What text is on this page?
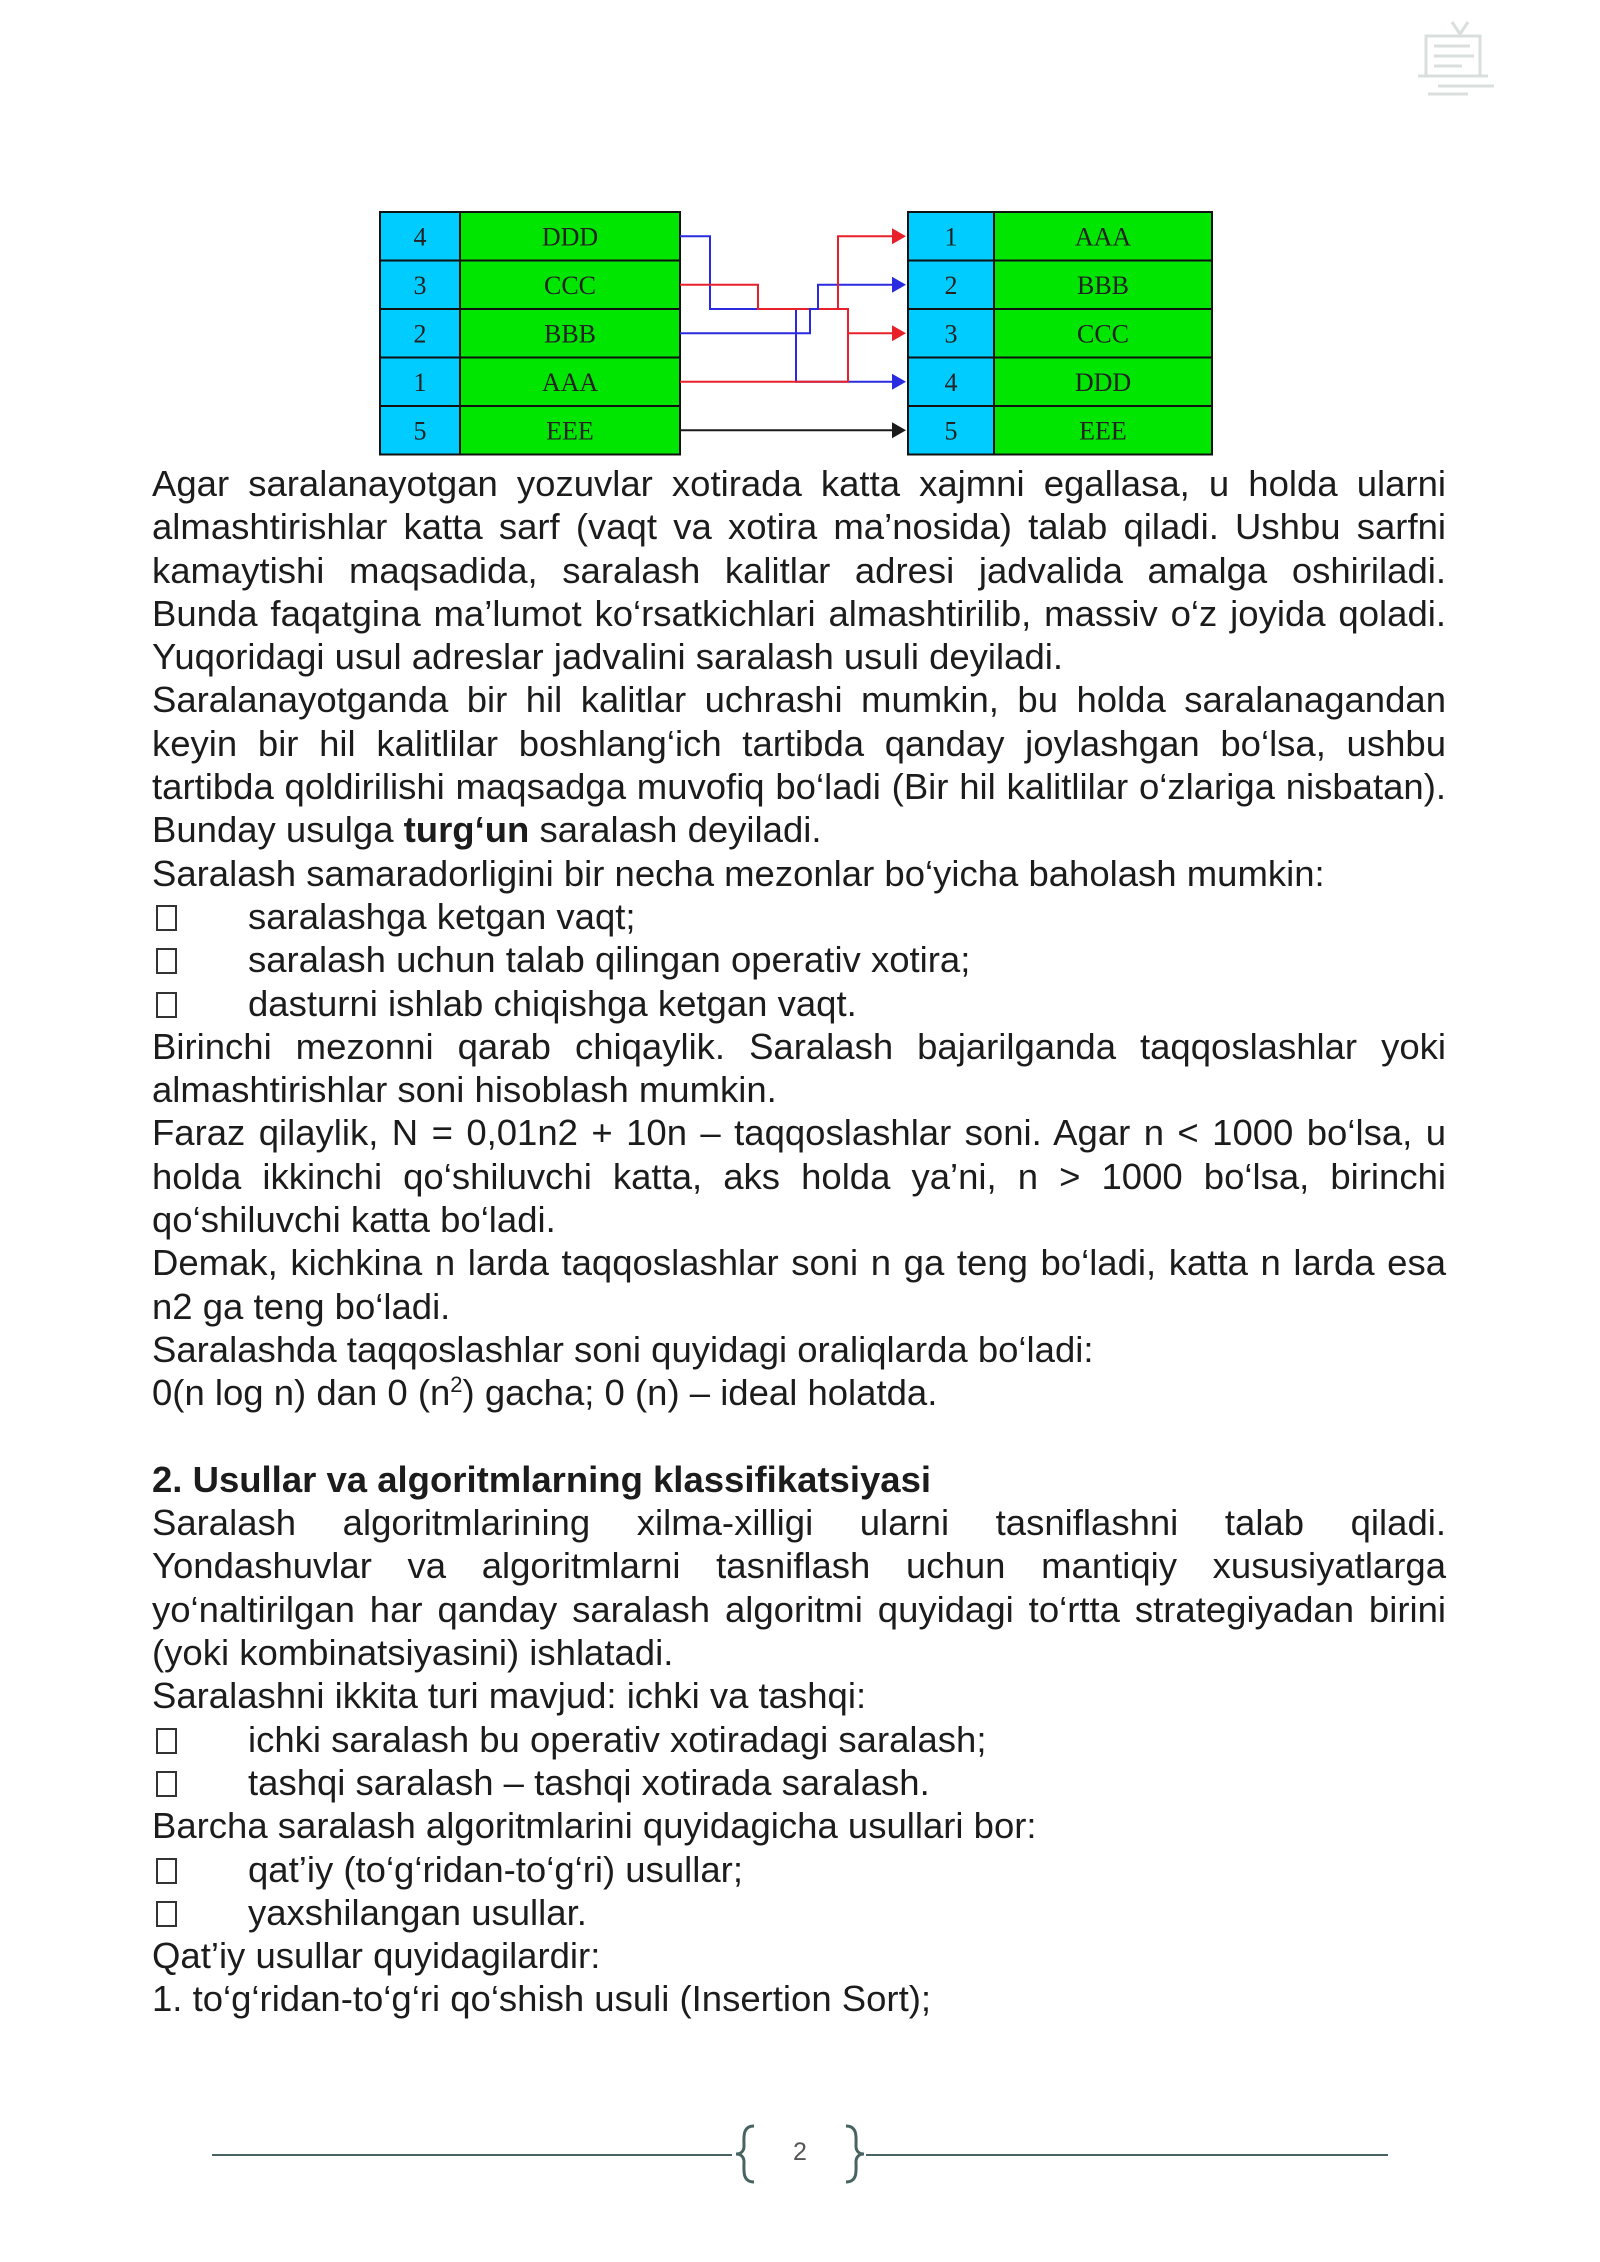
4	DDD
3	CCC
2	BBB
1	AAA
5	EEE
1	AAA
2	BBB
3	CCC
4	DDD
5	EEE

Agar saralanayotgan yozuvlar xotirada katta xajmni egallasa, u holda ularni almashtirishlar katta sarf (vaqt va xotira ma’nosida) talab qiladi. Ushbu sarfni kamaytishi maqsadida, saralash kalitlar adresi jadvalida amalga oshiriladi. Bunda faqatgina ma’lumot ko‘rsatkichlari almashtirilib, massiv o‘z joyida qoladi. Yuqoridagi usul adreslar jadvalini saralash usuli deyiladi.

Saralanayotganda bir hil kalitlar uchrashi mumkin, bu holda saralanagandan keyin bir hil kalitlilar boshlang‘ich tartibda qanday joylashgan bo‘lsa, ushbu tartibda qoldirilishi maqsadga muvofiq bo‘ladi (Bir hil kalitlilar o‘zlariga nisbatan). Bunday usulga turg‘un saralash deyiladi.

Saralash samaradorligini bir necha mezonlar bo‘yicha baholash mumkin:

saralashga ketgan vaqt;
saralash uchun talab qilingan operativ xotira;
dasturni ishlab chiqishga ketgan vaqt.

Birinchi mezonni qarab chiqaylik. Saralash bajarilganda taqqoslashlar yoki almashtirishlar soni hisoblash mumkin.

Faraz qilaylik, N = 0,01n2 + 10n – taqqoslashlar soni. Agar n < 1000 bo‘lsa, u holda ikkinchi qo‘shiluvchi katta, aks holda ya’ni, n > 1000 bo‘lsa, birinchi qo‘shiluvchi katta bo‘ladi.

Demak, kichkina n larda taqqoslashlar soni n ga teng bo‘ladi, katta n larda esa n2 ga teng bo‘ladi.

Saralashda taqqoslashlar soni quyidagi oraliqlarda bo‘ladi:

0(n log n) dan 0 $(n^2)$ gacha; 0 (n) – ideal holatda.

2. Usullar va algoritmlarning klassifikatsiyasi

Saralash algoritmlarining xilma-xilligi ularni tasniflashni talab qiladi. Yondashuvlar va algoritmlarni tasniflash uchun mantiqiy xususiyatlarga yo‘naltirilgan har qanday saralash algoritmi quyidagi to‘rtta strategiyadan birini (yoki kombinatsiyasini) ishlatadi.

Saralashni ikkita turi mavjud: ichki va tashqi:

ichki saralash bu operativ xotiradagi saralash;
tashqi saralash – tashqi xotirada saralash.

Barcha saralash algoritmlarini quyidagicha usullari bor:

qat’iy (to‘g‘ridan-to‘g‘ri) usullar;
yaxshilangan usullar.

Qat’iy usullar quyidagilardir:

1. to‘g‘ridan-to‘g‘ri qo‘shish usuli (Insertion Sort);

2
